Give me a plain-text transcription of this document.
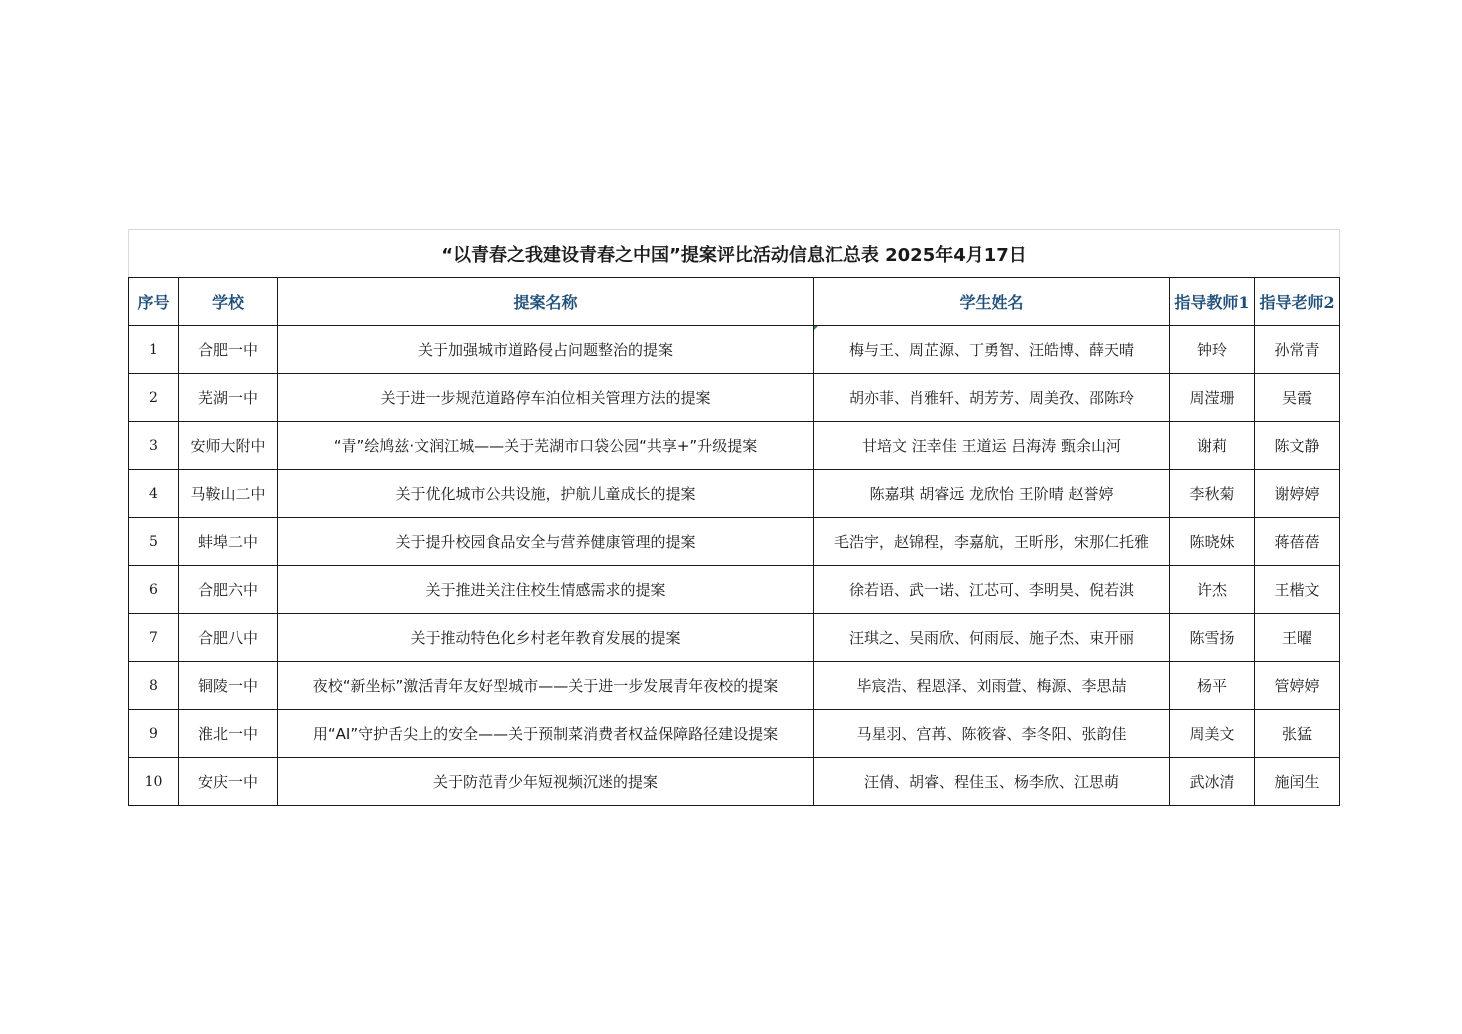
“以青春之我建设青春之中国”提案评比活动信息汇总表 2025年4月17日					
序号	学校	提案名称	学生姓名	指导教师1	指导老师2
1	合肥一中	关于加强城市道路侵占问题整治的提案	梅与王、周芷源、丁勇智、汪皓博、薛天晴	钟玲	孙常青
2	芜湖一中	关于进一步规范道路停车泊位相关管理方法的提案	胡亦菲、肖雅轩、胡芳芳、周美孜、邵陈玲	周滢珊	吴霞
3	安师大附中	“青”绘鸠兹·文润江城——关于芜湖市口袋公园“共享+”升级提案	甘培文 汪幸佳 王道运 吕海涛 甄余山河	谢莉	陈文静
4	马鞍山二中	关于优化城市公共设施，护航儿童成长的提案	陈嘉琪 胡睿远 龙欣怡 王阶晴 赵誉婷	李秋菊	谢婷婷
5	蚌埠二中	关于提升校园食品安全与营养健康管理的提案	毛浩宇，赵锦程，李嘉航，王昕彤，宋那仁托雅	陈晓妹	蒋蓓蓓
6	合肥六中	关于推进关注住校生情感需求的提案	徐若语、武一诺、江芯可、李明昊、倪若淇	许杰	王楷文
7	合肥八中	关于推动特色化乡村老年教育发展的提案	汪琪之、吴雨欣、何雨辰、施子杰、束开丽	陈雪扬	王曜
8	铜陵一中	夜校“新坐标”激活青年友好型城市——关于进一步发展青年夜校的提案	毕宸浩、程恩泽、刘雨萱、梅源、李思喆	杨平	管婷婷
9	淮北一中	用“AI”守护舌尖上的安全——关于预制菜消费者权益保障路径建设提案	马星羽、宫苒、陈筱睿、李冬阳、张韵佳	周美文	张猛
10	安庆一中	关于防范青少年短视频沉迷的提案	汪倩、胡睿、程佳玉、杨李欣、江思萌	武冰清	施闰生
